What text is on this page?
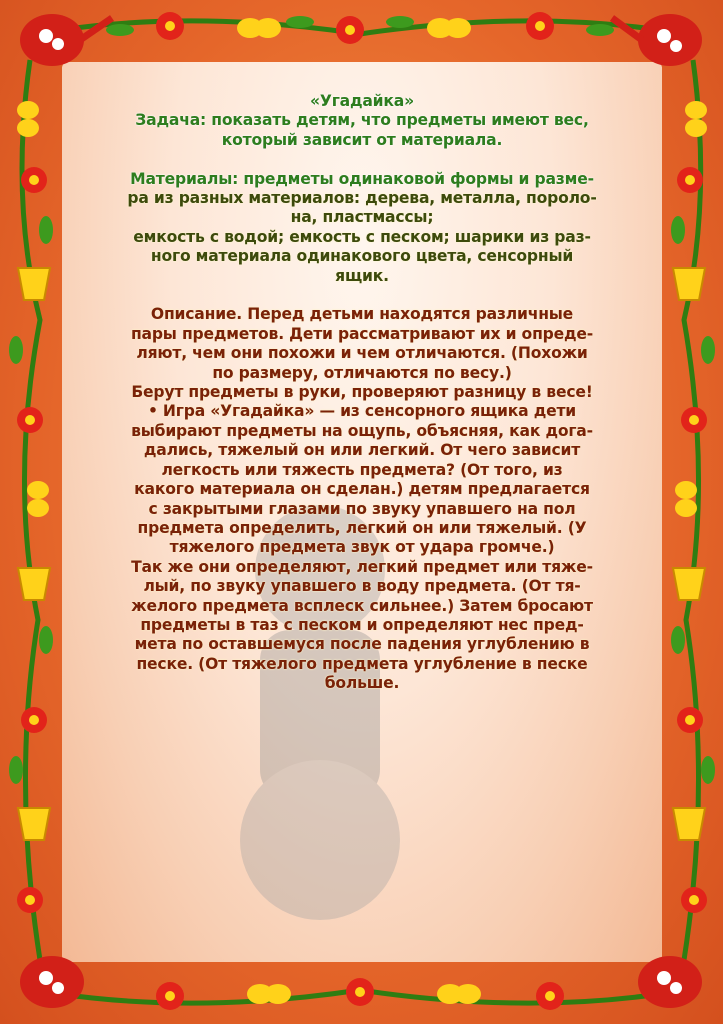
«Угадайка»

Задача: показать детям, что предметы имеют вес,

который зависит от материала.

Материалы: предметы одинаковой формы и разме-

ра из разных материалов: дерева, металла, пороло-

на, пластмассы;

емкость с водой; емкость с песком; шарики из раз-

ного материала одинакового цвета, сенсорный

ящик.

Описание. Перед детьми находятся различные

пары предметов. Дети рассматривают их и опреде-

ляют, чем они похожи и чем отличаются. (Похожи

по размеру, отличаются по весу.)

Берут предметы в руки, проверяют разницу в весе!

• Игра «Угадайка» — из сенсорного ящика дети

выбирают предметы на ощупь, объясняя, как дога-

дались, тяжелый он или легкий. От чего зависит

легкость или тяжесть предмета? (От того, из

какого материала он сделан.) детям предлагается

с закрытыми глазами по звуку упавшего на пол

предмета определить, легкий он или тяжелый. (У

тяжелого предмета звук от удара громче.)

Так же они определяют, легкий предмет или тяже-

лый, по звуку упавшего в воду предмета. (От тя-

желого предмета всплеск сильнее.) Затем бросают

предметы в таз с песком и определяют нес пред-

мета по оставшемуся после падения углублению в

песке. (От тяжелого предмета углубление в песке

больше.
